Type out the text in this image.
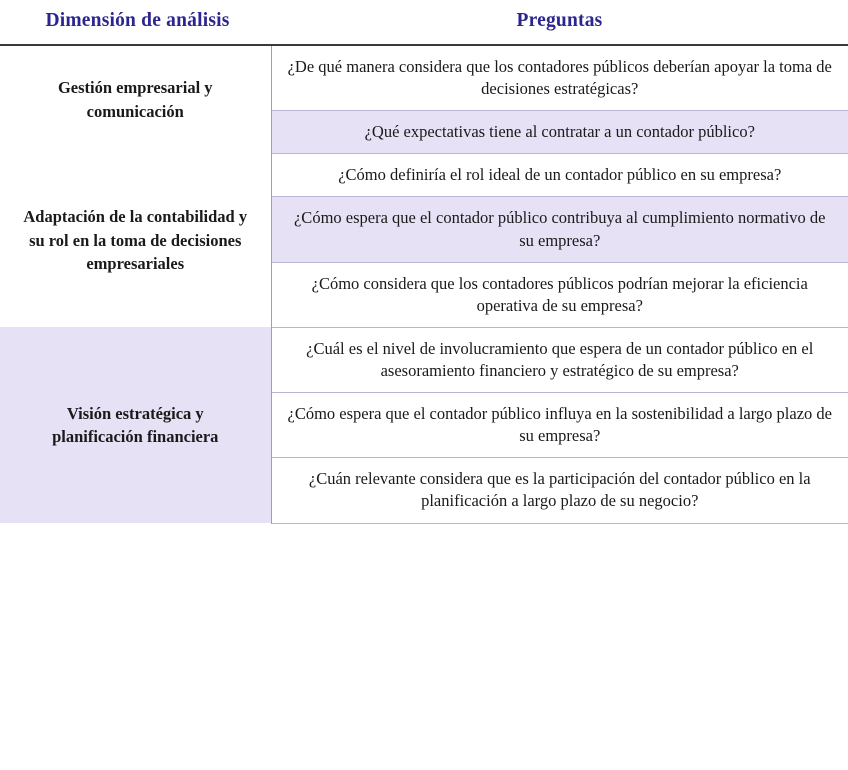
Dimensión de análisis	Preguntas
Gestión empresarial y comunicación	¿De qué manera considera que los contadores públicos deberían apoyar la toma de decisiones estratégicas?
	¿Qué expectativas tiene al contratar a un contador público?
Adaptación de la contabilidad y su rol en la toma de decisiones empresariales	¿Cómo definiría el rol ideal de un contador público en su empresa?
	¿Cómo espera que el contador público contribuya al cumplimiento normativo de su empresa?
	¿Cómo considera que los contadores públicos podrían mejorar la eficiencia operativa de su empresa?
Visión estratégica y planificación financiera	¿Cuál es el nivel de involucramiento que espera de un contador público en el asesoramiento financiero y estratégico de su empresa?
	¿Cómo espera que el contador público influya en la sostenibilidad a largo plazo de su empresa?
	¿Cuán relevante considera que es la participación del contador público en la planificación a largo plazo de su negocio?
